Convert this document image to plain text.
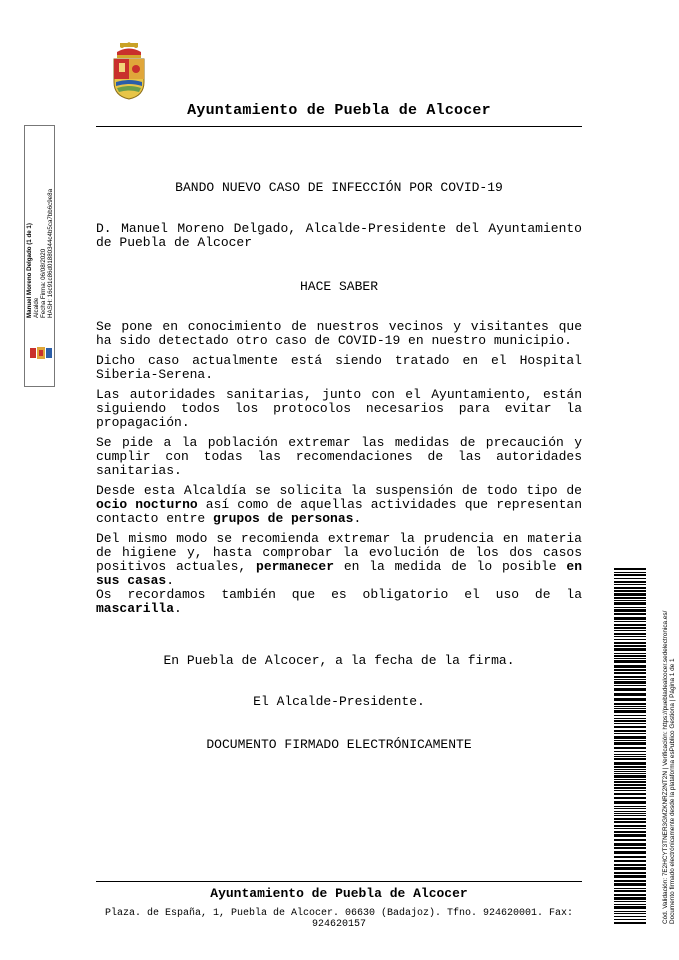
Ayuntamiento de Puebla de Alcocer
Manuel Moreno Delgado (1 de 1) Alcalde Fecha Firma: 06/08/2020 HASH: 16c91c86d01880344c4b5ca7bb6c9e8a
BANDO NUEVO CASO DE INFECCIÓN POR COVID-19
D. Manuel Moreno Delgado, Alcalde-Presidente del Ayuntamiento de Puebla de Alcocer
HACE SABER

Se pone en conocimiento de nuestros vecinos y visitantes que ha sido detectado otro caso de COVID-19 en nuestro municipio.

Dicho caso actualmente está siendo tratado en el Hospital Siberia-Serena.

Las autoridades sanitarias, junto con el Ayuntamiento, están siguiendo todos los protocolos necesarios para evitar la propagación.

Se pide a la población extremar las medidas de precaución y cumplir con todas las recomendaciones de las autoridades sanitarias.

Desde esta Alcaldía se solicita la suspensión de todo tipo de ocio nocturno así como de aquellas actividades que representan contacto entre grupos de personas.

Del mismo modo se recomienda extremar la prudencia en materia de higiene y, hasta comprobar la evolución de los dos casos positivos actuales, permanecer en la medida de lo posible en sus casas.

Os recordamos también que es obligatorio el uso de la mascarilla.

En Puebla de Alcocer, a la fecha de la firma.
El Alcalde-Presidente.
DOCUMENTO FIRMADO ELECTRÓNICAMENTE
Ayuntamiento de Puebla de Alcocer
Plaza. de España, 1, Puebla de Alcocer. 06630 (Badajoz). Tfno. 924620001. Fax: 924620157
Cód. Validación: 7E2HCYT3TNER3GMZKNRZ2NT2N | Verificación: https://puebladealcocer.sedelectronica.es/ Documento firmado electrónicamente desde la plataforma esPublico Gestiona | Página 1 de 1
